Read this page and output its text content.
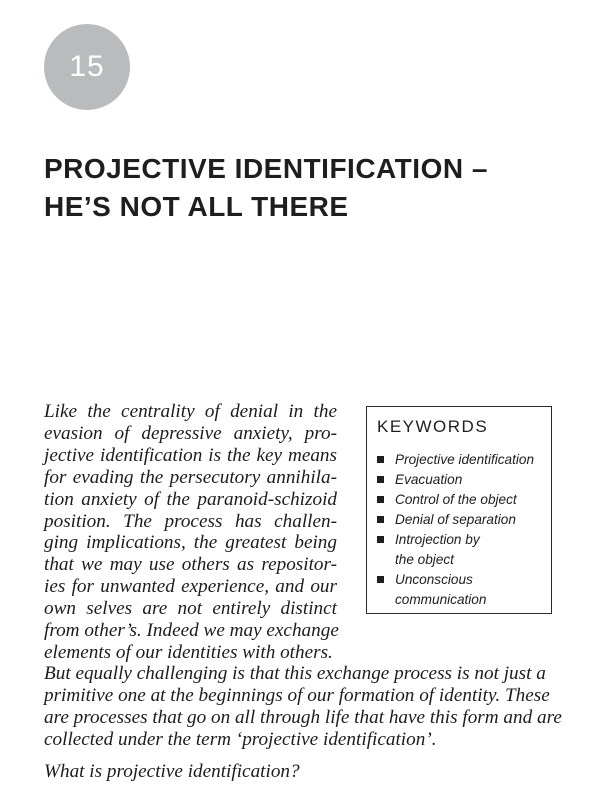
15
PROJECTIVE IDENTIFICATION –
HE’S NOT ALL THERE
Like the centrality of denial in the
evasion of depressive anxiety, pro-
jective identification is the key means
for evading the persecutory annihila-
tion anxiety of the paranoid-schizoid
position. The process has challen-
ging implications, the greatest being
that we may use others as repositor-
ies for unwanted experience, and our
own selves are not entirely distinct
from other’s. Indeed we may exchange
elements of our identities with others.
KEYWORDS
Projective identification
Evacuation
Control of the object
Denial of separation
Introjection by
the object
Unconscious
communication
But equally challenging is that this exchange process is not just a
primitive one at the beginnings of our formation of identity. These
are processes that go on all through life that have this form and are
collected under the term ‘projective identification’.
What is projective identification?
